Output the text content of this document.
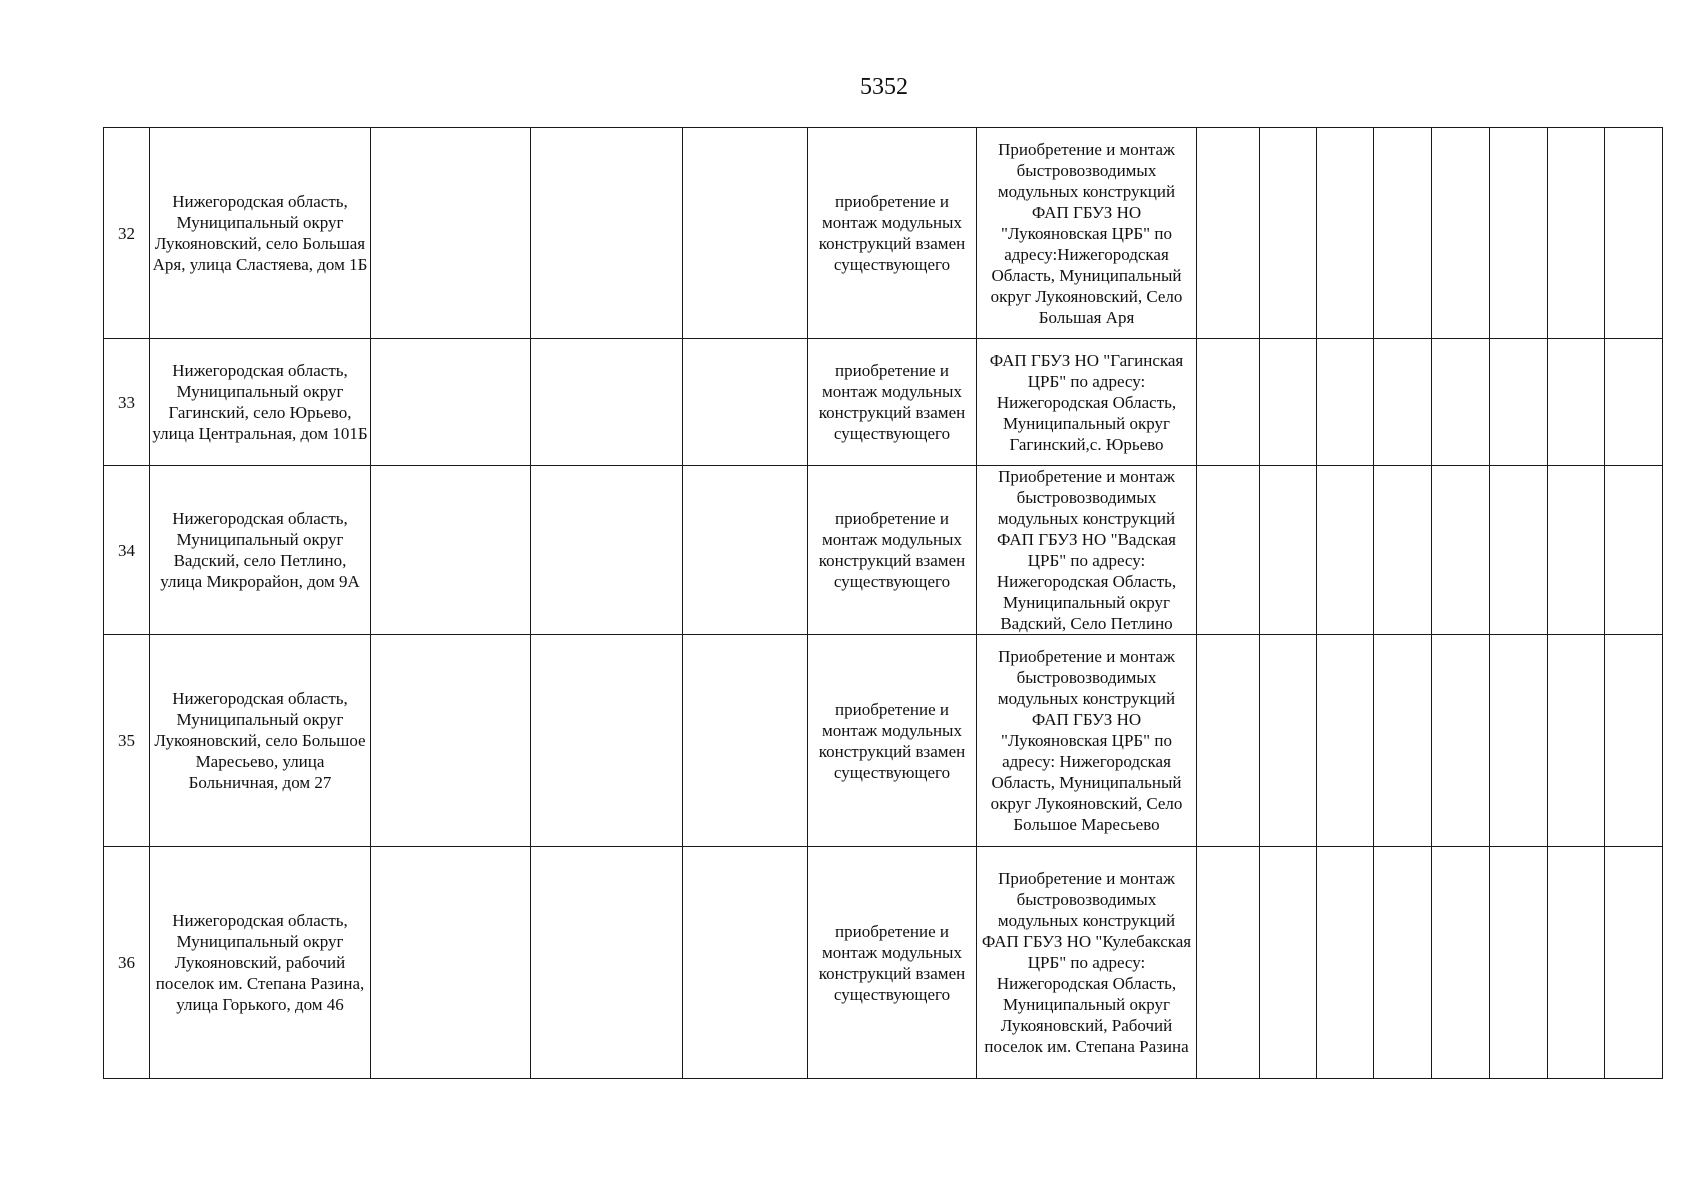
5352
32	Нижегородская область, Муниципальный округ Лукояновский, село Большая Аря, улица Сластяева, дом 1Б				приобретение и монтаж модульных конструкций взамен существующего	Приобретение и монтаж быстровозводимых модульных конструкций ФАП ГБУЗ НО "Лукояновская ЦРБ" по адресу:Нижегородская Область, Муниципальный округ Лукояновский, Село Большая Аря								
33	Нижегородская область, Муниципальный округ Гагинский, село Юрьево, улица Центральная, дом 101Б				приобретение и монтаж модульных конструкций взамен существующего	ФАП ГБУЗ НО "Гагинская ЦРБ" по адресу: Нижегородская Область, Муниципальный округ Гагинский,с. Юрьево								
34	Нижегородская область, Муниципальный округ Вадский, село Петлино, улица Микрорайон, дом 9А				приобретение и монтаж модульных конструкций взамен существующего	Приобретение и монтаж быстровозводимых модульных конструкций ФАП ГБУЗ НО "Вадская ЦРБ" по адресу: Нижегородская Область, Муниципальный округ Вадский, Село Петлино								
35	Нижегородская область, Муниципальный округ Лукояновский, село Большое Маресьево, улица Больничная, дом 27				приобретение и монтаж модульных конструкций взамен существующего	Приобретение и монтаж быстровозводимых модульных конструкций ФАП ГБУЗ НО "Лукояновская ЦРБ" по адресу: Нижегородская Область, Муниципальный округ Лукояновский, Село Большое Маресьево								
36	Нижегородская область, Муниципальный округ Лукояновский, рабочий поселок им. Степана Разина, улица Горького, дом 46				приобретение и монтаж модульных конструкций взамен существующего	Приобретение и монтаж быстровозводимых модульных конструкций ФАП ГБУЗ НО "Кулебакская ЦРБ" по адресу: Нижегородская Область, Муниципальный округ Лукояновский, Рабочий поселок им. Степана Разина								
